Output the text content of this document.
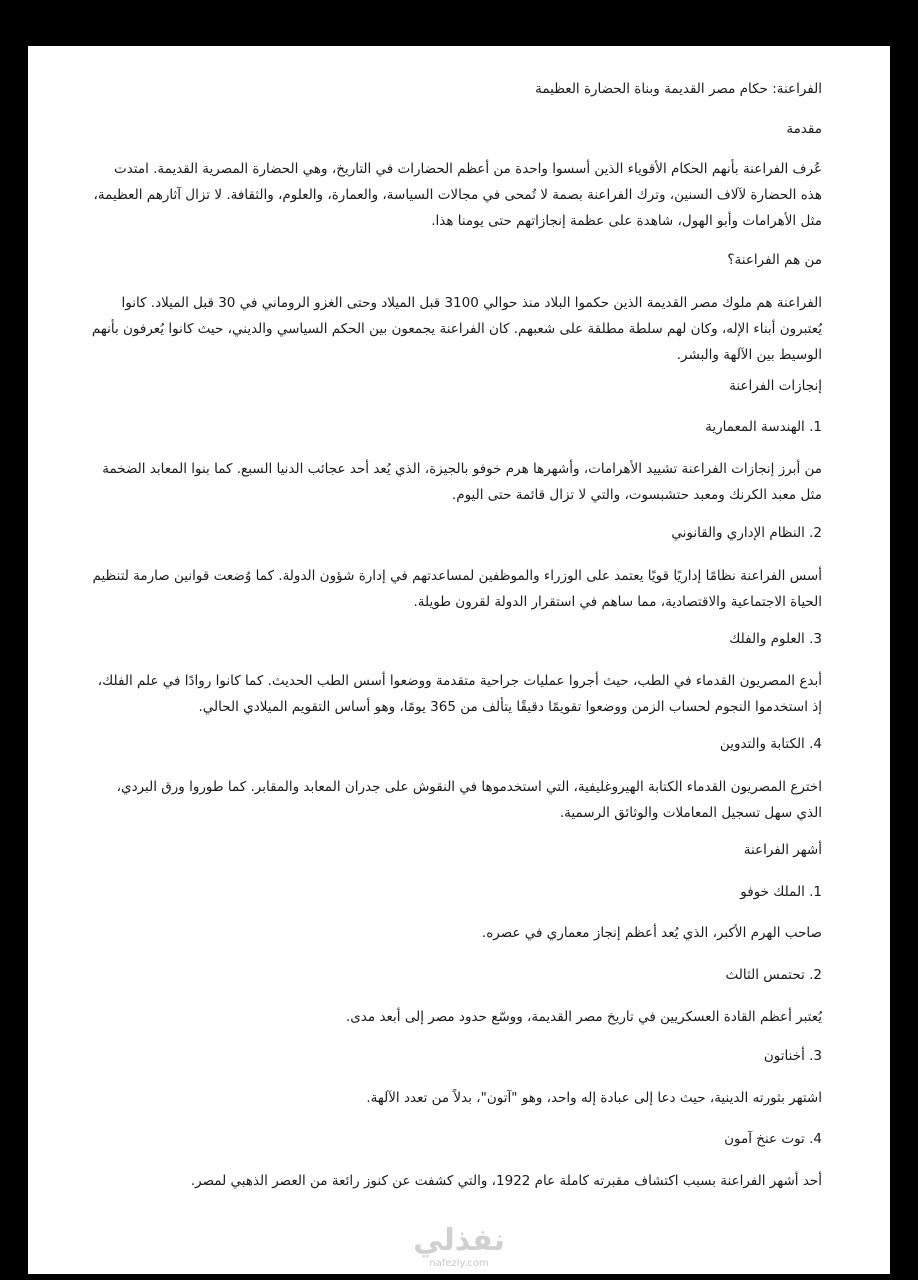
الفراعنة: حكام مصر القديمة وبناة الحضارة العظيمة
مقدمة
عُرف الفراعنة بأنهم الحكام الأقوياء الذين أسسوا واحدة من أعظم الحضارات في التاريخ، وهي الحضارة المصرية القديمة. امتدت هذه الحضارة لآلاف السنين، وترك الفراعنة بصمة لا تُمحى في مجالات السياسة، والعمارة، والعلوم، والثقافة. لا تزال آثارهم العظيمة، مثل الأهرامات وأبو الهول، شاهدة على عظمة إنجازاتهم حتى يومنا هذا.
من هم الفراعنة؟
الفراعنة هم ملوك مصر القديمة الذين حكموا البلاد منذ حوالي 3100 قبل الميلاد وحتى الغزو الروماني في 30 قبل الميلاد. كانوا يُعتبرون أبناء الإله، وكان لهم سلطة مطلقة على شعبهم. كان الفراعنة يجمعون بين الحكم السياسي والديني، حيث كانوا يُعرفون بأنهم الوسيط بين الآلهة والبشر.
إنجازات الفراعنة
1. الهندسة المعمارية
من أبرز إنجازات الفراعنة تشييد الأهرامات، وأشهرها هرم خوفو بالجيزة، الذي يُعد أحد عجائب الدنيا السبع. كما بنوا المعابد الضخمة مثل معبد الكرنك ومعبد حتشبسوت، والتي لا تزال قائمة حتى اليوم.
2. النظام الإداري والقانوني
أسس الفراعنة نظامًا إداريًا قويًا يعتمد على الوزراء والموظفين لمساعدتهم في إدارة شؤون الدولة. كما وُضعت قوانين صارمة لتنظيم الحياة الاجتماعية والاقتصادية، مما ساهم في استقرار الدولة لقرون طويلة.
3. العلوم والفلك
أبدع المصريون القدماء في الطب، حيث أجروا عمليات جراحية متقدمة ووضعوا أسس الطب الحديث. كما كانوا روادًا في علم الفلك، إذ استخدموا النجوم لحساب الزمن ووضعوا تقويمًا دقيقًا يتألف من 365 يومًا، وهو أساس التقويم الميلادي الحالي.
4. الكتابة والتدوين
اخترع المصريون القدماء الكتابة الهيروغليفية، التي استخدموها في النقوش على جدران المعابد والمقابر. كما طوروا ورق البردي، الذي سهل تسجيل المعاملات والوثائق الرسمية.
أشهر الفراعنة
1. الملك خوفو
صاحب الهرم الأكبر، الذي يُعد أعظم إنجاز معماري في عصره.
2. تحتمس الثالث
يُعتبر أعظم القادة العسكريين في تاريخ مصر القديمة، ووسّع حدود مصر إلى أبعد مدى.
3. أخناتون
اشتهر بثورته الدينية، حيث دعا إلى عبادة إله واحد، وهو "آتون"، بدلاً من تعدد الآلهة.
4. توت عنخ آمون
أحد أشهر الفراعنة بسبب اكتشاف مقبرته كاملة عام 1922، والتي كشفت عن كنوز رائعة من العصر الذهبي لمصر.
نفذلي
nafezly.com
